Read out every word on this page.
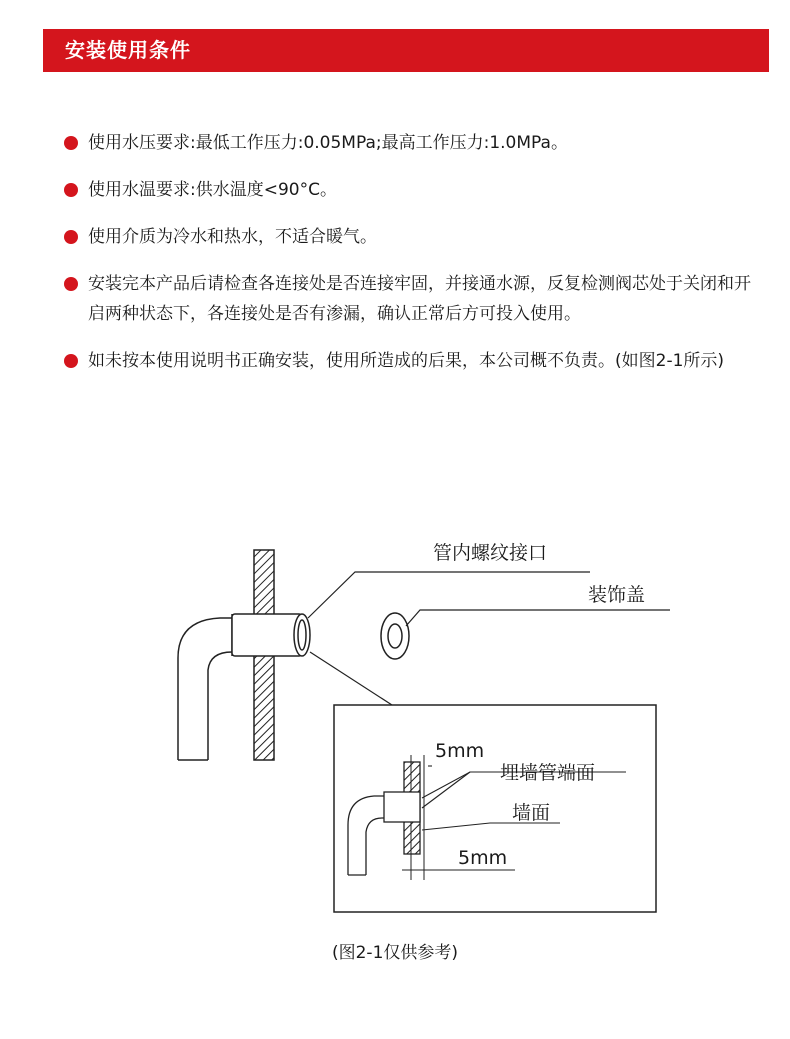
安装使用条件
使用水压要求:最低工作压力:0.05MPa;最高工作压力:1.0MPa。
使用水温要求:供水温度<90°C。
使用介质为冷水和热水，不适合暖气。
安装完本产品后请检查各连接处是否连接牢固，并接通水源，反复检测阀芯处于关闭和开启两种状态下，各连接处是否有渗漏，确认正常后方可投入使用。
如未按本使用说明书正确安装，使用所造成的后果，本公司概不负责。(如图2-1所示)
管内螺纹接口
装饰盖
5mm
埋墙管端面
墙面
5mm
(图2-1仅供参考)
